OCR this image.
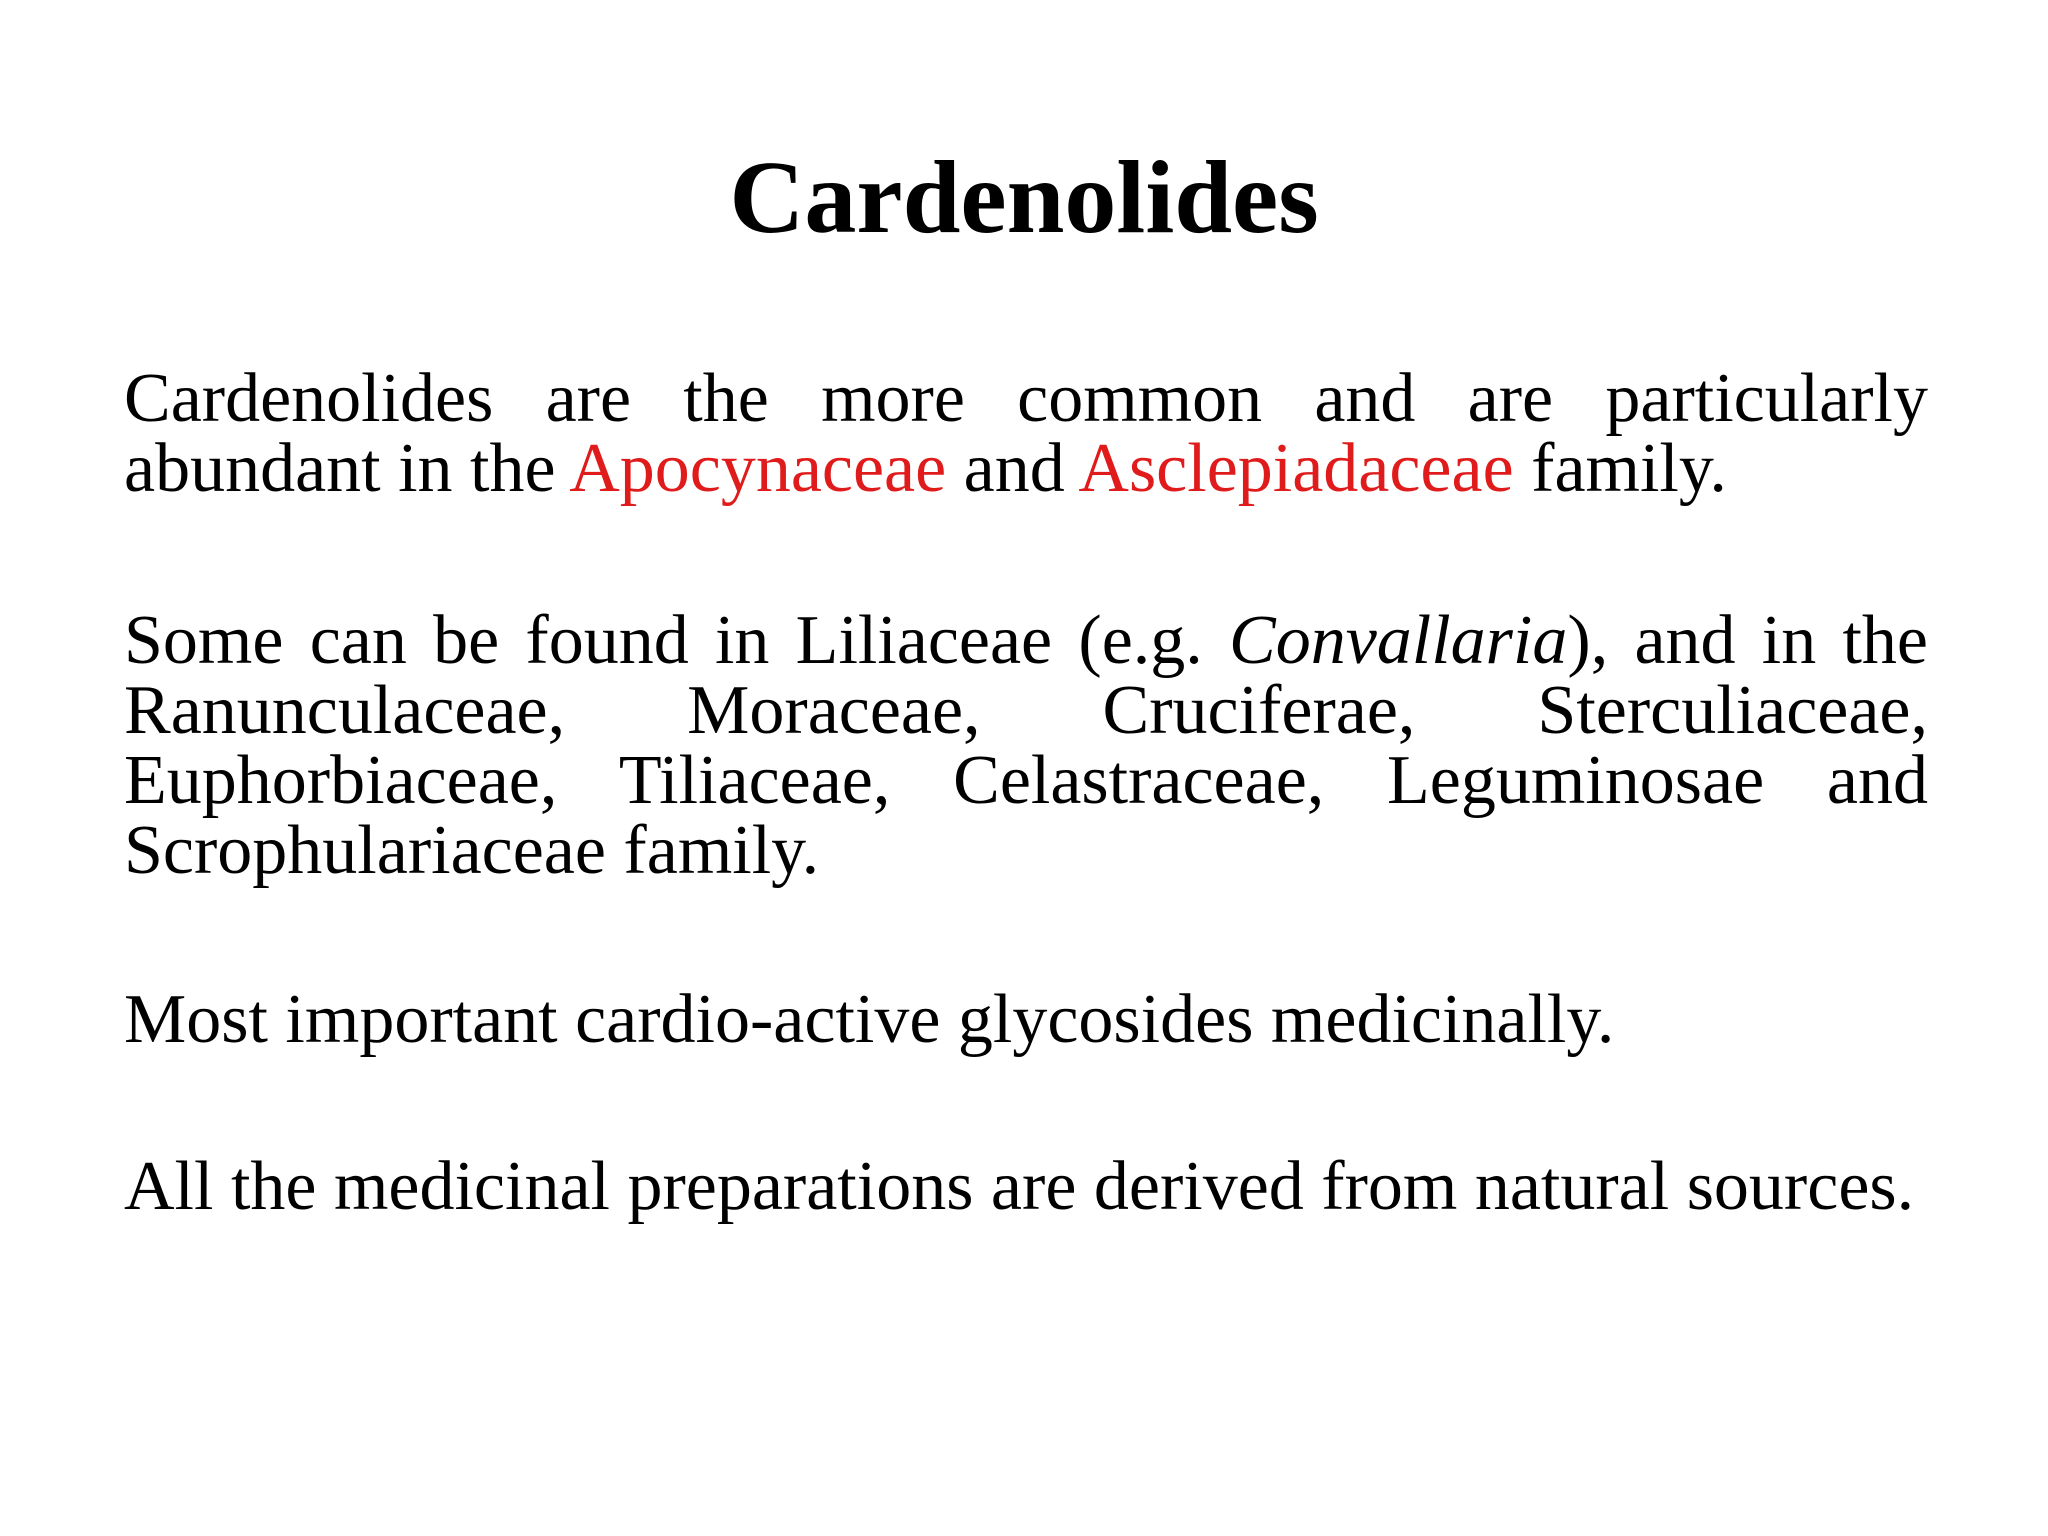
Cardenolides

Cardenolides are the more common and are particularly abundant in the Apocynaceae and Asclepiadaceae family.

Some can be found in Liliaceae (e.g. Convallaria), and in the Ranunculaceae, Moraceae, Cruciferae, Sterculiaceae, Euphorbiaceae, Tiliaceae, Celastraceae, Leguminosae and Scrophulariaceae family.

Most important cardio-active glycosides medicinally.

All the medicinal preparations are derived from natural sources.
